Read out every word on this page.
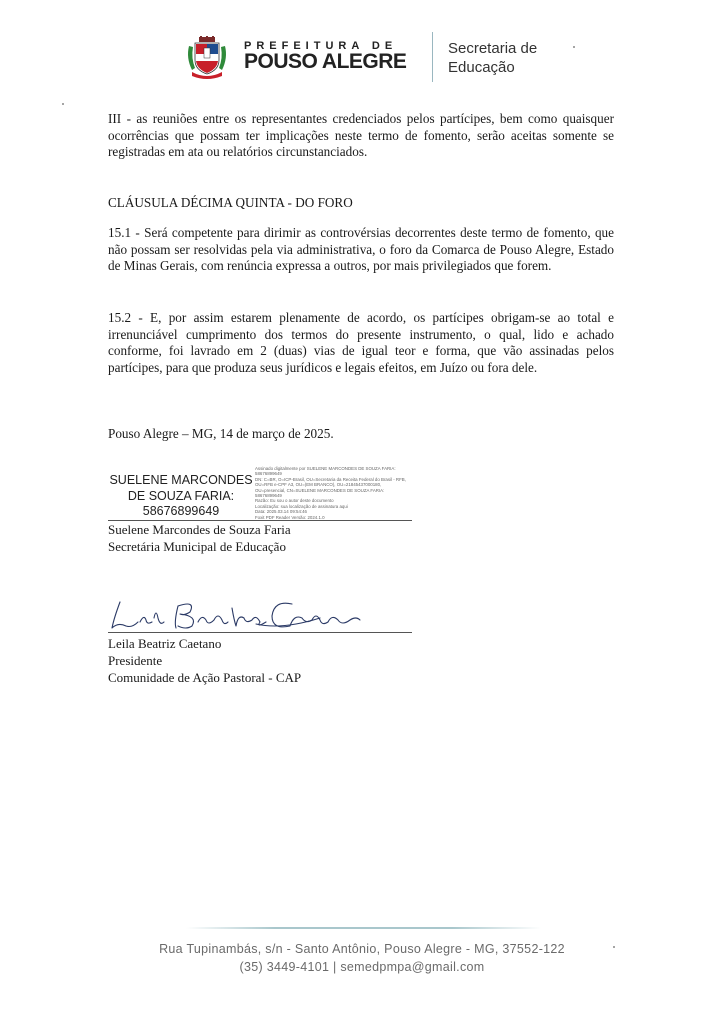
PREFEITURA DE
POUSO ALEGRE
Secretaria de
Educação
III - as reuniões entre os representantes credenciados pelos partícipes, bem como quaisquer ocorrências que possam ter implicações neste termo de fomento, serão aceitas somente se registradas em ata ou relatórios circunstanciados.
CLÁUSULA DÉCIMA QUINTA - DO FORO
15.1 - Será competente para dirimir as controvérsias decorrentes deste termo de fomento, que não possam ser resolvidas pela via administrativa, o foro da Comarca de Pouso Alegre, Estado de Minas Gerais, com renúncia expressa a outros, por mais privilegiados que forem.
15.2 - E, por assim estarem plenamente de acordo, os partícipes obrigam-se ao total e irrenunciável cumprimento dos termos do presente instrumento, o qual, lido e achado conforme, foi lavrado em 2 (duas) vias de igual teor e forma, que vão assinadas pelos partícipes, para que produza seus jurídicos e legais efeitos, em Juízo ou fora dele.
Pouso Alegre – MG, 14 de março de 2025.
SUELENE MARCONDES
DE SOUZA FARIA:
58676899649
Assinado digitalmente por SUELENE MARCONDES DE SOUZA FARIA:
58676899649
DN: C=BR, O=ICP-Brasil, OU=Secretaria da Receita Federal do Brasil - RFB,
OU=RFB e-CPF A3, OU=(EM BRANCO), OU=21845437000180,
OU=presencial, CN=SUELENE MARCONDES DE SOUZA FARIA:
58676899649
Razão: Eu sou o autor deste documento
Localização: sua localização de assinatura aqui
Data: 2025.03.14 09:54:46
Foxit PDF Reader Versão: 2024.1.0
Suelene Marcondes de Souza Faria
Secretária Municipal de Educação
Leila Beatriz Caetano
Presidente
Comunidade de Ação Pastoral - CAP
Rua Tupinambás, s/n - Santo Antônio, Pouso Alegre - MG, 37552-122
(35) 3449-4101 | semedpmpa@gmail.com
